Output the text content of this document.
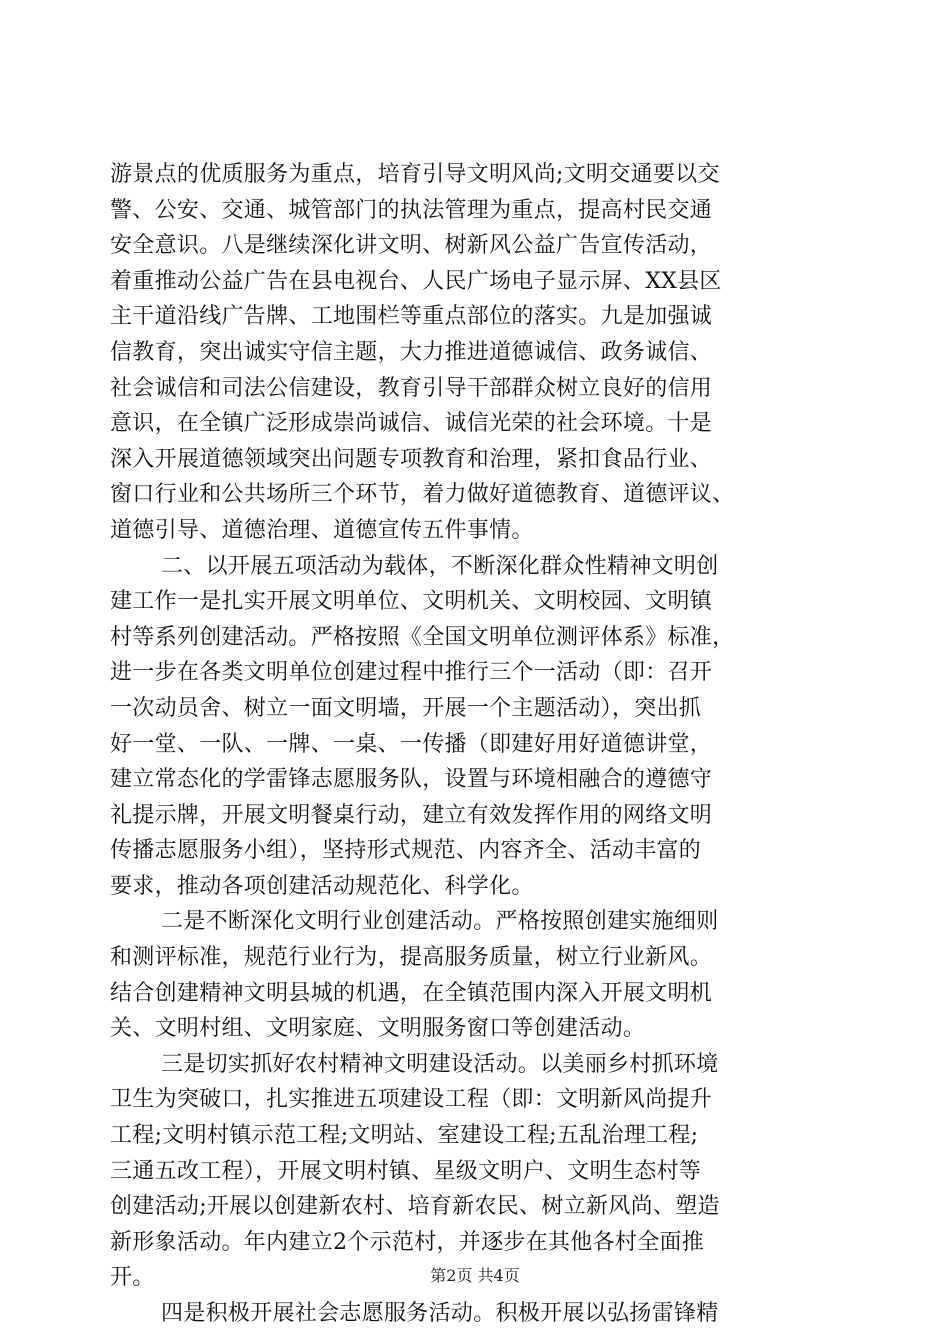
游景点的优质服务为重点，培育引导文明风尚;文明交通要以交
警、公安、交通、城管部门的执法管理为重点，提高村民交通
安全意识。八是继续深化讲文明、树新风公益广告宣传活动，
着重推动公益广告在县电视台、人民广场电子显示屏、XX县区
主干道沿线广告牌、工地围栏等重点部位的落实。九是加强诚
信教育，突出诚实守信主题，大力推进道德诚信、政务诚信、
社会诚信和司法公信建设，教育引导干部群众树立良好的信用
意识，在全镇广泛形成崇尚诚信、诚信光荣的社会环境。十是
深入开展道德领域突出问题专项教育和治理，紧扣食品行业、
窗口行业和公共场所三个环节，着力做好道德教育、道德评议、
道德引导、道德治理、道德宣传五件事情。
二、以开展五项活动为载体，不断深化群众性精神文明创
建工作一是扎实开展文明单位、文明机关、文明校园、文明镇
村等系列创建活动。严格按照《全国文明单位测评体系》标准，
进一步在各类文明单位创建过程中推行三个一活动（即：召开
一次动员舍、树立一面文明墙，开展一个主题活动），突出抓
好一堂、一队、一牌、一桌、一传播（即建好用好道德讲堂，
建立常态化的学雷锋志愿服务队，设置与环境相融合的遵德守
礼提示牌，开展文明餐桌行动，建立有效发挥作用的网络文明
传播志愿服务小组），坚持形式规范、内容齐全、活动丰富的
要求，推动各项创建活动规范化、科学化。
二是不断深化文明行业创建活动。严格按照创建实施细则
和测评标准，规范行业行为，提高服务质量，树立行业新风。
结合创建精神文明县城的机遇，在全镇范围内深入开展文明机
关、文明村组、文明家庭、文明服务窗口等创建活动。
三是切实抓好农村精神文明建设活动。以美丽乡村抓环境
卫生为突破口，扎实推进五项建设工程（即：文明新风尚提升
工程;文明村镇示范工程;文明站、室建设工程;五乱治理工程;
三通五改工程），开展文明村镇、星级文明户、文明生态村等
创建活动;开展以创建新农村、培育新农民、树立新风尚、塑造
新形象活动。年内建立2个示范村，并逐步在其他各村全面推
开。
四是积极开展社会志愿服务活动。积极开展以弘扬雷锋精
第2页 共4页
